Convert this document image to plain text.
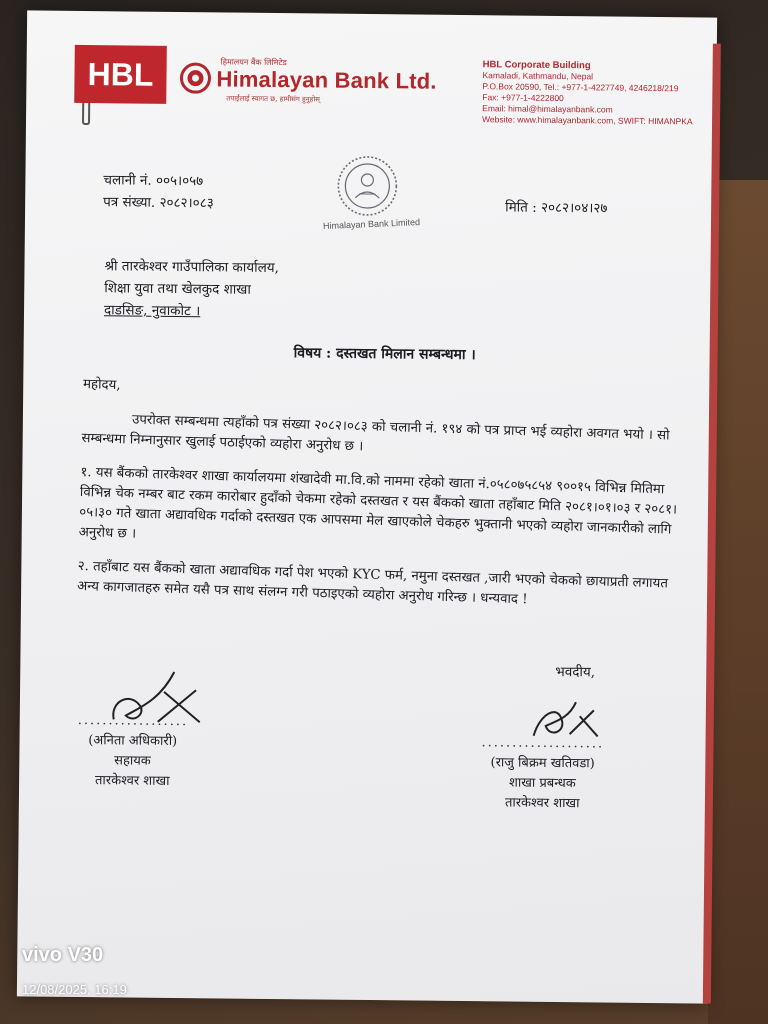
HBL	हिमालयन बैंक लिमिटेड
Himalayan Bank Ltd.
तपाईंलाई स्वागत छ, हामीसंग हुनुहोस्
HBL Corporate Building
Kamaladi, Kathmandu, Nepal
P.O.Box 20590, Tel.: +977-1-4227749, 4246218/219
Fax: +977-1-4222800
Email: himal@himalayanbank.com
Website: www.himalayanbank.com, SWIFT: HIMANPKA
चलानी नं. ००५।०५७
पत्र संख्या. २०८२।०८३
Himalayan Bank Limited
मिति : २०८२।०४।२७
श्री तारकेश्वर गाउँपालिका कार्यालय,
शिक्षा युवा तथा खेलकुद शाखा
दाडसिङ, नुवाकोट ।
विषय : दस्तखत मिलान सम्बन्धमा ।

महोदय,

उपरोक्त सम्बन्धमा त्यहाँको पत्र संख्या २०८२।०८३ को चलानी नं. १९४ को पत्र प्राप्त भई व्यहोरा अवगत भयो । सो सम्बन्धमा निम्नानुसार खुलाई पठाईएको व्यहोरा अनुरोध छ ।

१. यस बैंकको तारकेश्वर शाखा कार्यालयमा शंखादेवी मा.वि.को नाममा रहेको खाता नं.०५८०७५८५४ ९००१५ विभिन्न मितिमा विभिन्न चेक नम्बर बाट रकम कारोबार हुदाँको चेकमा रहेको दस्तखत र यस बैंकको खाता तहाँबाट मिति २०८१।०१।०३ र २०८१।०५।३० गते खाता अद्यावधिक गर्दाको दस्तखत एक आपसमा मेल खाएकोले चेकहरु भुक्तानी भएको व्यहोरा जानकारीको लागि अनुरोध छ ।

२. तहाँबाट यस बैंकको खाता अद्यावधिक गर्दा पेश भएको KYC फर्म, नमुना दस्तखत ,जारी भएको चेकको छायाप्रती लगायत अन्य कागजातहरु समेत यसै पत्र साथ संलग्न गरी पठाइएको व्यहोरा अनुरोध गरिन्छ । धन्यवाद !

भवदीय,
..................
(अनिता अधिकारी)
सहायक
तारकेश्वर शाखा
....................
(राजु बिक्रम खतिवडा)
शाखा प्रबन्धक
तारकेश्वर शाखा
vivo V30
12/08/2025, 16:19
